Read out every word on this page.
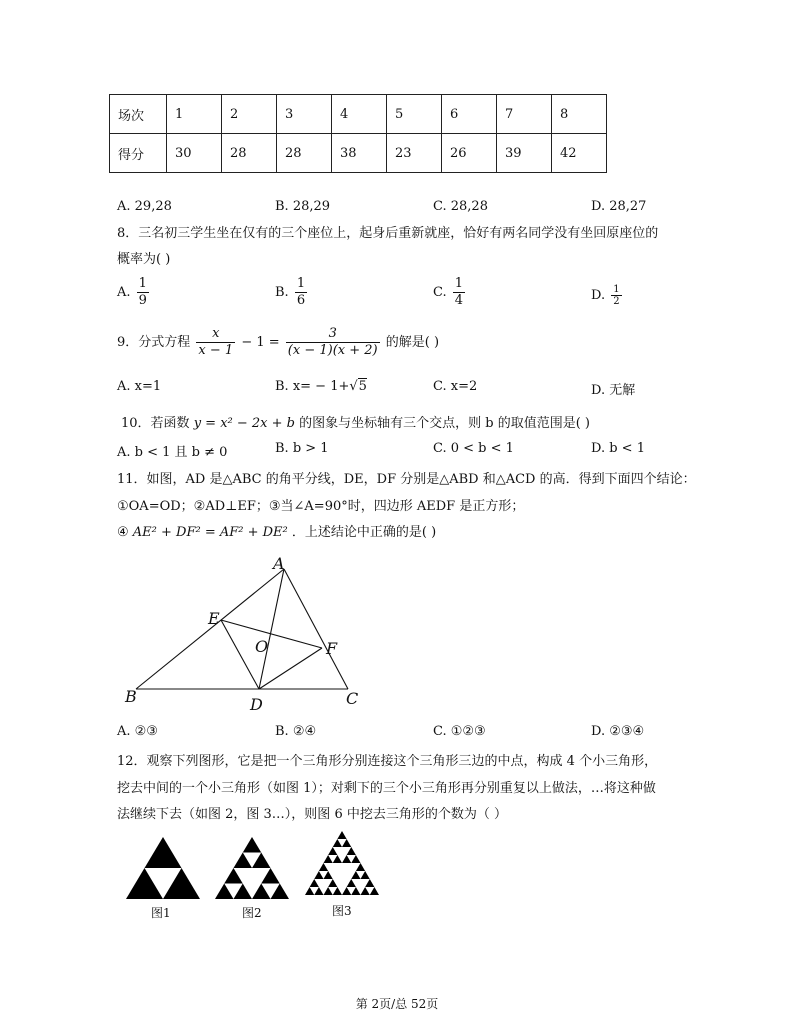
场次	1	2	3	4	5	6	7	8
得分	30	28	28	38	23	26	39	42
A. 29,28	B. 28,29	C. 28,28	D. 28,27
8．三名初三学生坐在仅有的三个座位上，起身后重新就座，恰好有两名同学没有坐回原座位的
概率为( )
A. $\frac{1}{9}$	B. $\frac{1}{6}$	C. $\frac{1}{4}$	D. $\frac{1}{2}$
9．分式方程 $\frac{x}{x - 1} - 1 = \frac{3}{(x - 1)(x + 2)}$ 的解是( )
A. x=1	B. x= − 1+√5	C. x=2	D. 无解
10．若函数 y = x² − 2x + b 的图象与坐标轴有三个交点，则 b 的取值范围是( )
A. b < 1 且 b ≠ 0	B. b > 1	C. 0 < b < 1	D. b < 1
11．如图，AD 是△ABC 的角平分线，DE，DF 分别是△ABD 和△ACD 的高．得到下面四个结论：
①OA=OD；②AD⊥EF；③当∠A=90°时，四边形 AEDF 是正方形；
④ AE² + DF² = AF² + DE² ．上述结论中正确的是( )
A
B	C
D
E
F
O
A. ②③	B. ②④	C. ①②③	D. ②③④
12．观察下列图形，它是把一个三角形分别连接这个三角形三边的中点，构成 4 个小三角形，
挖去中间的一个小三角形（如图 1）；对剩下的三个小三角形再分别重复以上做法，…将这种做
法继续下去（如图 2，图 3…），则图 6 中挖去三角形的个数为（ ）
图1	图2	图3
第 2页/总 52页
